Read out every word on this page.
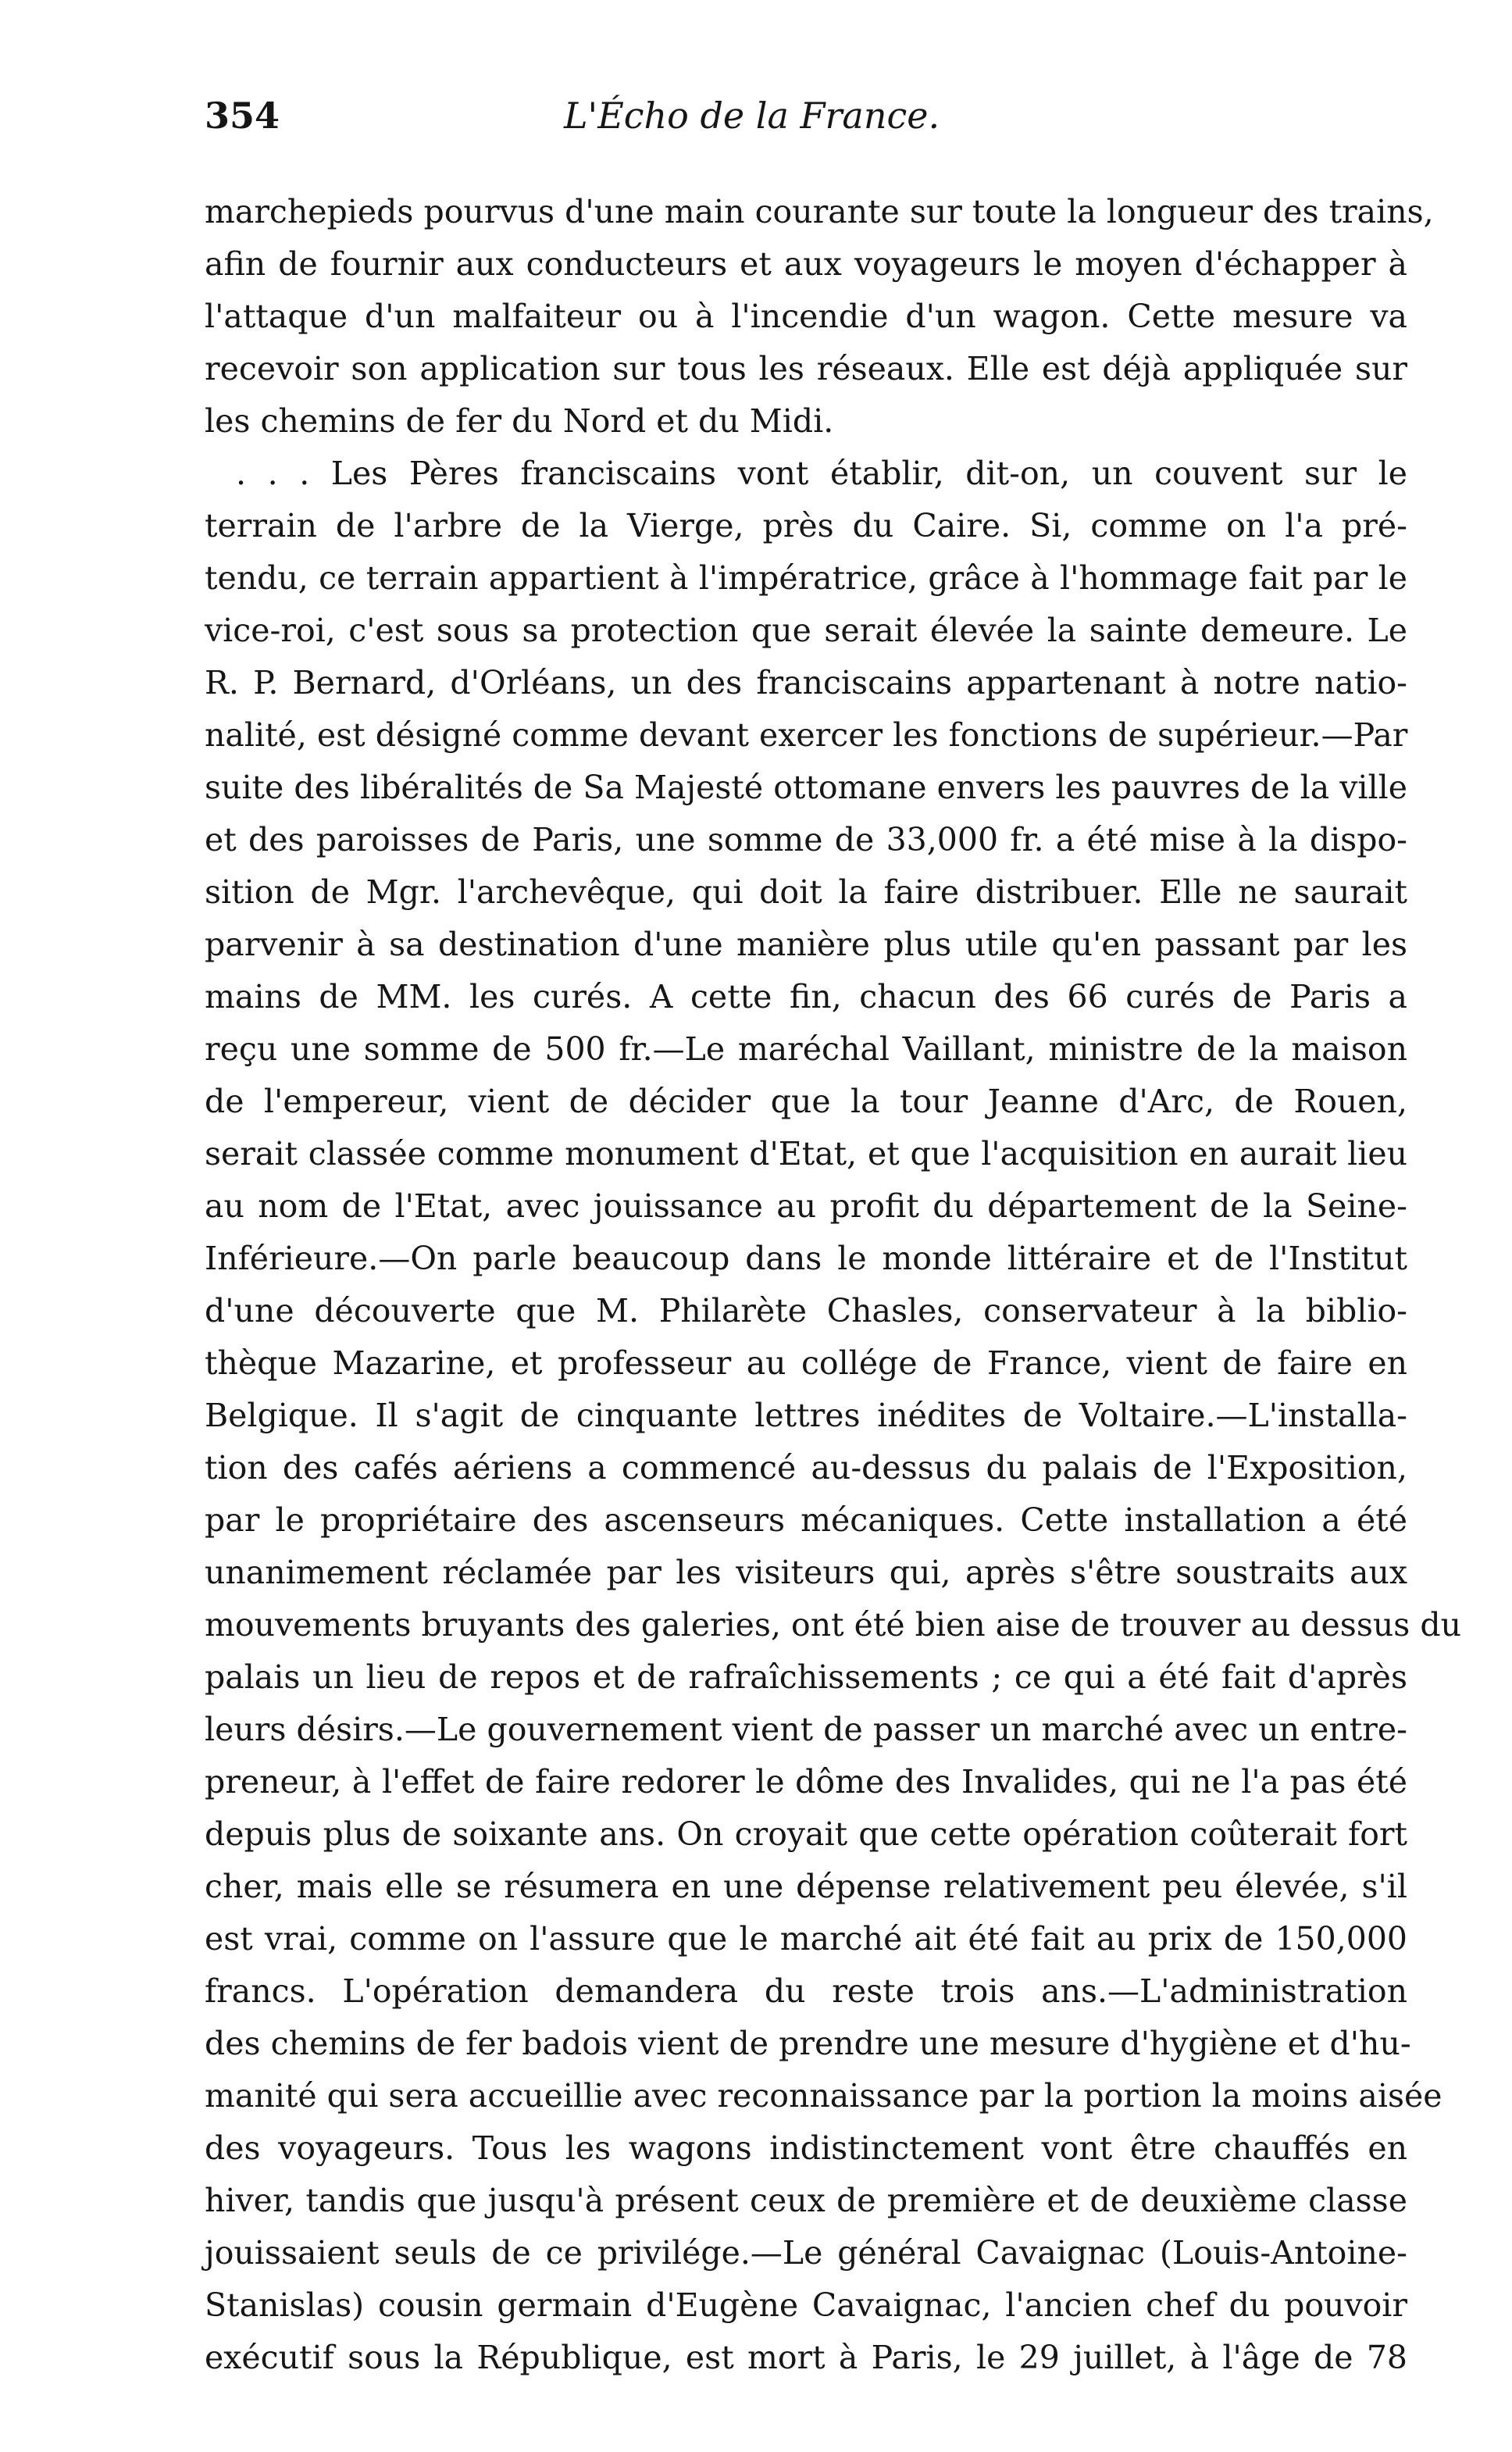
354	L'Écho de la France.
marchepieds pourvus d'une main courante sur toute la longueur des trains,
afin de fournir aux conducteurs et aux voyageurs le moyen d'échapper à
l'attaque d'un malfaiteur ou à l'incendie d'un wagon. Cette mesure va
recevoir son application sur tous les réseaux. Elle est déjà appliquée sur
les chemins de fer du Nord et du Midi.
. . . Les Pères franciscains vont établir, dit-on, un couvent sur le
terrain de l'arbre de la Vierge, près du Caire. Si, comme on l'a pré-
tendu, ce terrain appartient à l'impératrice, grâce à l'hommage fait par le
vice-roi, c'est sous sa protection que serait élevée la sainte demeure. Le
R. P. Bernard, d'Orléans, un des franciscains appartenant à notre natio-
nalité, est désigné comme devant exercer les fonctions de supérieur.—Par
suite des libéralités de Sa Majesté ottomane envers les pauvres de la ville
et des paroisses de Paris, une somme de 33,000 fr. a été mise à la dispo-
sition de Mgr. l'archevêque, qui doit la faire distribuer. Elle ne saurait
parvenir à sa destination d'une manière plus utile qu'en passant par les
mains de MM. les curés. A cette fin, chacun des 66 curés de Paris a
reçu une somme de 500 fr.—Le maréchal Vaillant, ministre de la maison
de l'empereur, vient de décider que la tour Jeanne d'Arc, de Rouen,
serait classée comme monument d'Etat, et que l'acquisition en aurait lieu
au nom de l'Etat, avec jouissance au profit du département de la Seine-
Inférieure.—On parle beaucoup dans le monde littéraire et de l'Institut
d'une découverte que M. Philarète Chasles, conservateur à la biblio-
thèque Mazarine, et professeur au collége de France, vient de faire en
Belgique. Il s'agit de cinquante lettres inédites de Voltaire.—L'installa-
tion des cafés aériens a commencé au-dessus du palais de l'Exposition,
par le propriétaire des ascenseurs mécaniques. Cette installation a été
unanimement réclamée par les visiteurs qui, après s'être soustraits aux
mouvements bruyants des galeries, ont été bien aise de trouver au dessus du
palais un lieu de repos et de rafraîchissements ; ce qui a été fait d'après
leurs désirs.—Le gouvernement vient de passer un marché avec un entre-
preneur, à l'effet de faire redorer le dôme des Invalides, qui ne l'a pas été
depuis plus de soixante ans. On croyait que cette opération coûterait fort
cher, mais elle se résumera en une dépense relativement peu élevée, s'il
est vrai, comme on l'assure que le marché ait été fait au prix de 150,000
francs. L'opération demandera du reste trois ans.—L'administration
des chemins de fer badois vient de prendre une mesure d'hygiène et d'hu-
manité qui sera accueillie avec reconnaissance par la portion la moins aisée
des voyageurs. Tous les wagons indistinctement vont être chauffés en
hiver, tandis que jusqu'à présent ceux de première et de deuxième classe
jouissaient seuls de ce privilége.—Le général Cavaignac (Louis-Antoine-
Stanislas) cousin germain d'Eugène Cavaignac, l'ancien chef du pouvoir
exécutif sous la République, est mort à Paris, le 29 juillet, à l'âge de 78
